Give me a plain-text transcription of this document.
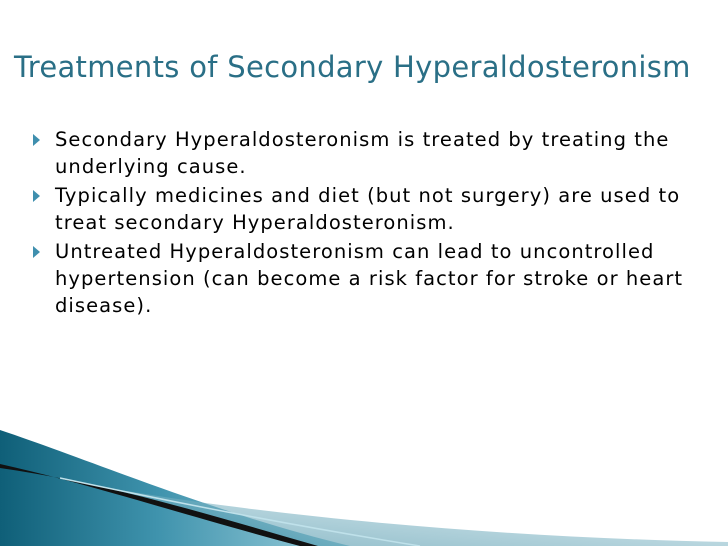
Treatments of Secondary Hyperaldosteronism
Secondary Hyperaldosteronism is treated by treating the underlying cause.
Typically medicines and diet (but not surgery) are used to treat secondary Hyperaldosteronism.
Untreated Hyperaldosteronism can lead to uncontrolled hypertension (can become a risk factor for stroke or heart disease).
